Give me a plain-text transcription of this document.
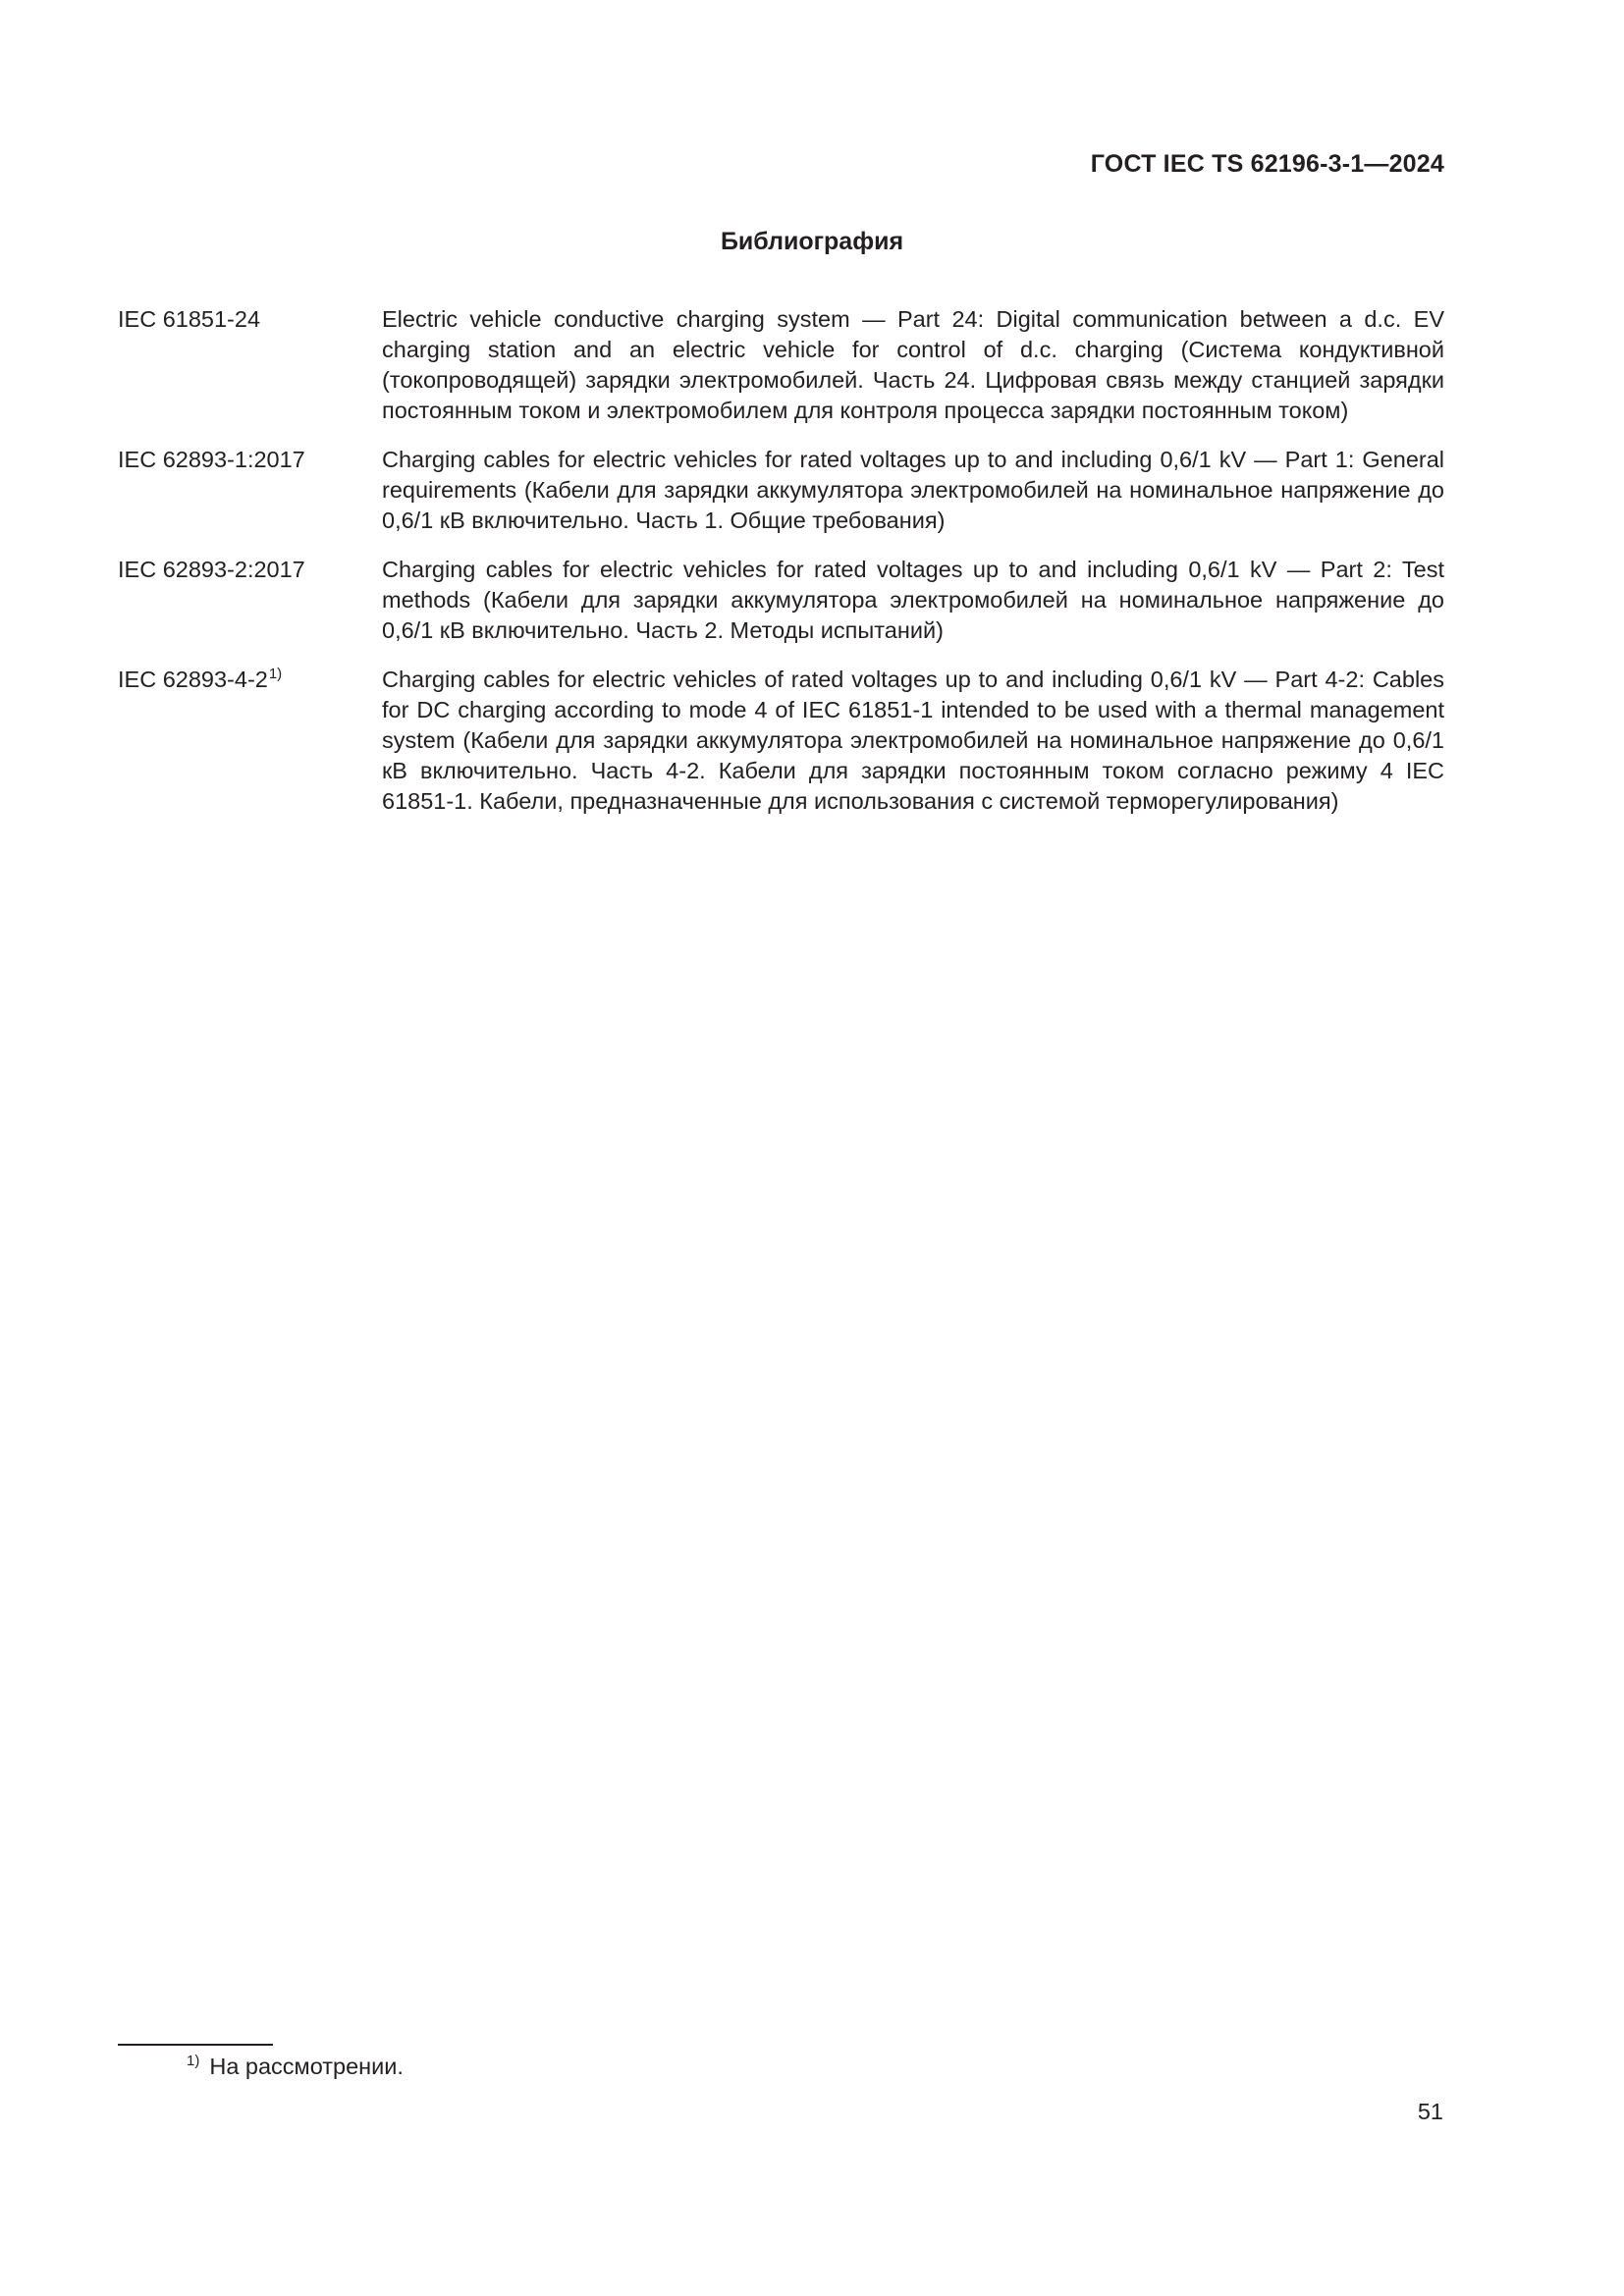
ГОСТ IEC TS 62196-3-1—2024
Библиография
IEC 61851-24	Electric vehicle conductive charging system — Part 24: Digital communication between a d.c. EV charging station and an electric vehicle for control of d.c. charging (Система кондуктивной (токопроводящей) зарядки электромобилей. Часть 24. Цифровая связь между станцией зарядки постоянным током и электромобилем для контроля процесса зарядки постоянным током)
IEC 62893-1:2017	Charging cables for electric vehicles for rated voltages up to and including 0,6/1 kV — Part 1: General requirements (Кабели для зарядки аккумулятора электромобилей на номинальное напряжение до 0,6/1 кВ включительно. Часть 1. Общие требования)
IEC 62893-2:2017	Charging cables for electric vehicles for rated voltages up to and including 0,6/1 kV — Part 2: Test methods (Кабели для зарядки аккумулятора электромобилей на номинальное напряжение до 0,6/1 кВ включительно. Часть 2. Методы испытаний)
IEC 62893-4-2$^{1)}$	Charging cables for electric vehicles of rated voltages up to and including 0,6/1 kV — Part 4-2: Cables for DC charging according to mode 4 of IEC 61851-1 intended to be used with a thermal management system (Кабели для зарядки аккумулятора электромобилей на номинальное напряжение до 0,6/1 кВ включительно. Часть 4-2. Кабели для зарядки постоянным током согласно режиму 4 IEC 61851-1. Кабели, предназначенные для использования с системой терморегулирования)
$^{1)}$ На рассмотрении.
51
